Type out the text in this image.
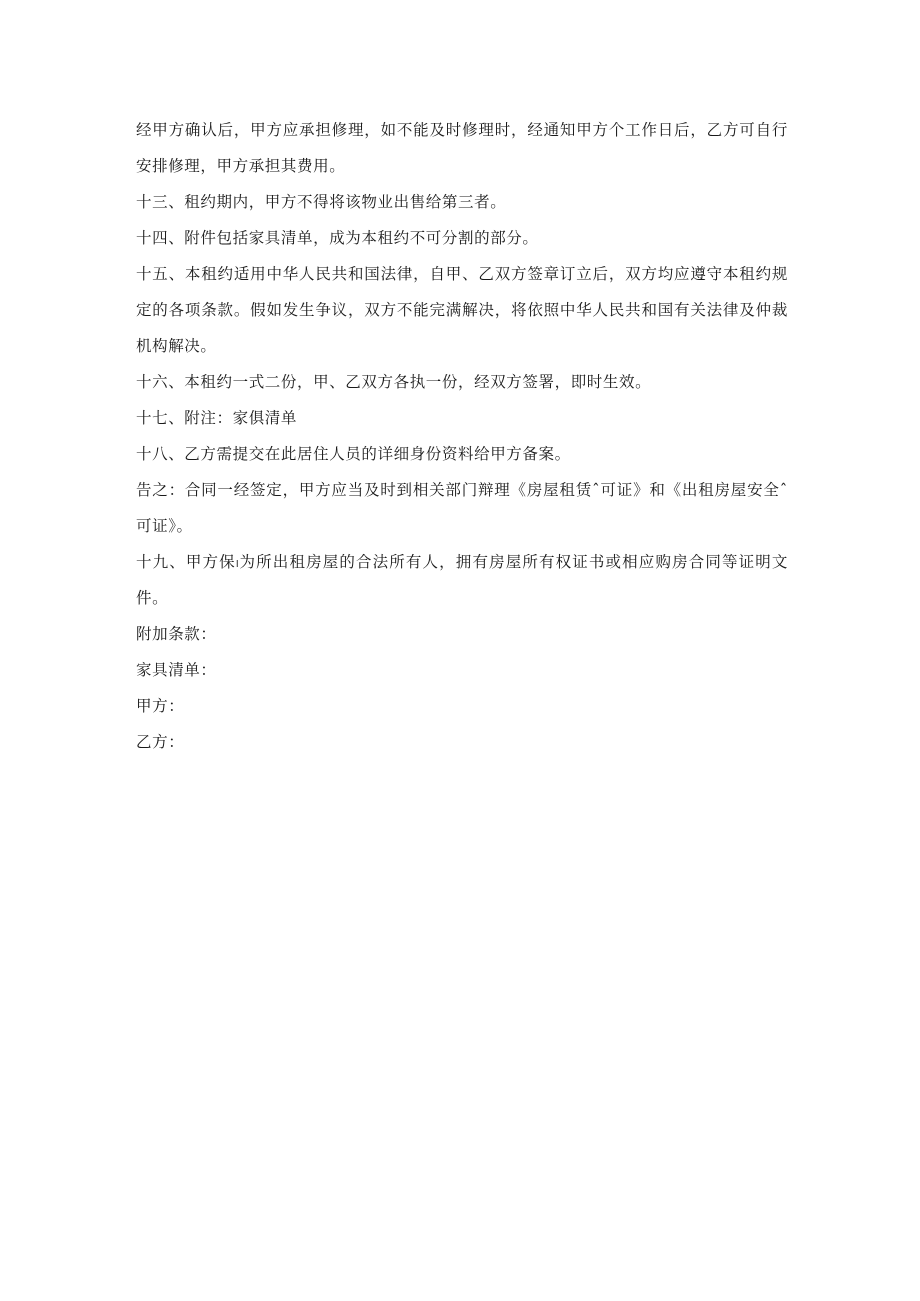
经甲方确认后，甲方应承担修理，如不能及时修理时，经通知甲方个工作日后，乙方可自行安排修理，甲方承担其费用。

十三、租约期内，甲方不得将该物业出售给第三者。

十四、附件包括家具清单，成为本租约不可分割的部分。

十五、本租约适用中华人民共和国法律，自甲、乙双方签章订立后，双方均应遵守本租约规定的各项条款。假如发生争议，双方不能完满解决，将依照中华人民共和国有关法律及仲裁机构解决。

十六、本租约一式二份，甲、乙双方各执一份，经双方签署，即时生效。

十七、附注：家俱清单

十八、乙方需提交在此居住人员的详细身份资料给甲方备案。

告之：合同一经签定，甲方应当及时到相关部门辩理《房屋租赁ˆ可证》和《出租房屋安全ˆ可证》。

十九、甲方保ₗ为所出租房屋的合法所有人，拥有房屋所有权证书或相应购房合同等证明文件。

附加条款：

家具清单：

甲方：

乙方：
